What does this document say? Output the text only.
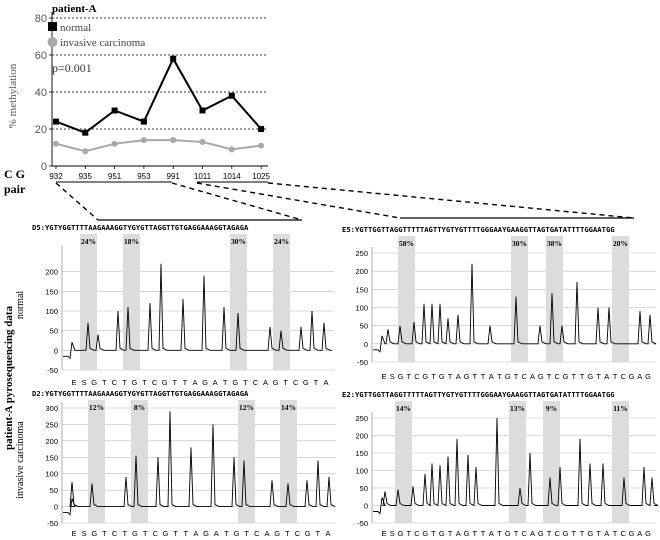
patient-A
0
20
40
60
80
% methylation
C G
pair
932 935 951 953 991 1011 1014 1025
normal
invasive carcinoma
p=0.001
patient-A pyrosequencing data
normal
invasive carcinoma
D5:YGTYGGTTTTAAGAAAGGTYGYGTTAGGTTGTGAGGAAAGGTAGAGA
-50
0
50
100
150
200
24%	18%	30%	24%
E S G T C T G T C G T T A G A T G T C A G T C G T A
E5:YGTTGGTTAGGTTTTTAGTTYGTYGTTTTGGGAAYGAAGGTTAGTGATATTTTGGAATGG
-50
0
50
100
150
200
250
58%	30%	38%	20%
E S G T C G T G T A G T T A T G T C A G T C G T T G T A T C G A G
D2:YGTYGGTTTTAAGAAAGGTYGYGTTAGGTTGTGAGGAAAGGTAGAGA
-50
0
50
100
150
200
250
300	12%	8%	12%	14%
E S G T C T G T C G T T A G A T G T C A G T C G T A
E2:YGTTGGTTAGGTTTTTAGTTYGTYGTTTTGGGAAYGAAGGTTAGTGATATTTTGGAATGG
-50
0
50
100
150
200
250
14%	13%	9%	11%
E S G T C G T G T A G T T A T G T C A G T C G T T G T A T C G A G
